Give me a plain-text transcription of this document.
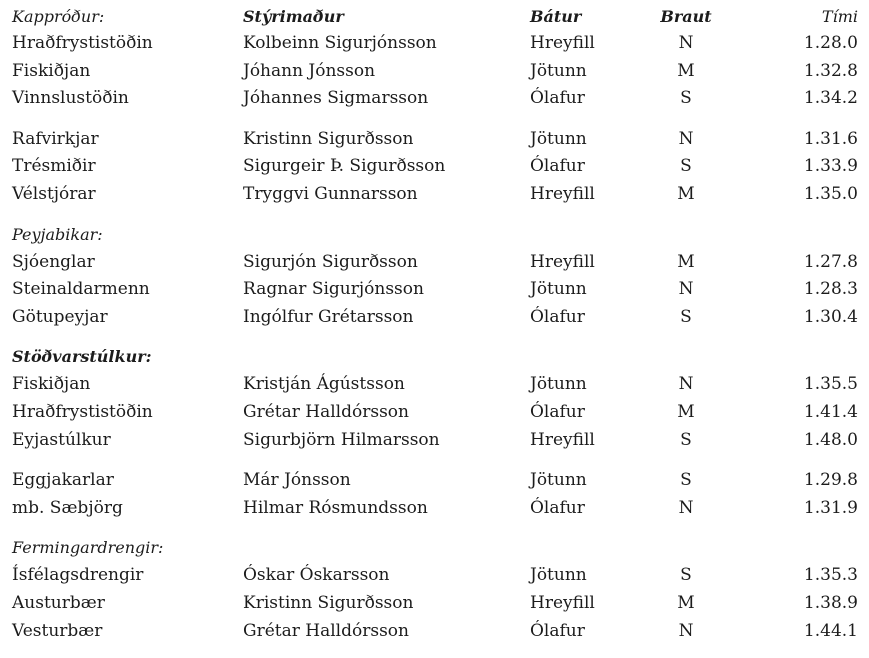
Kappróður:	Stýrimaður	Bátur	Braut	Tími
Hraðfrystistöðin	Kolbeinn Sigurjónsson	Hreyfill	N	1.28.0
Fiskiðjan	Jóhann Jónsson	Jötunn	M	1.32.8
Vinnslustöðin	Jóhannes Sigmarsson	Ólafur	S	1.34.2
Rafvirkjar	Kristinn Sigurðsson	Jötunn	N	1.31.6
Trésmiðir	Sigurgeir Þ. Sigurðsson	Ólafur	S	1.33.9
Vélstjórar	Tryggvi Gunnarsson	Hreyfill	M	1.35.0
Peyjabikar:
Sjóenglar	Sigurjón Sigurðsson	Hreyfill	M	1.27.8
Steinaldarmenn	Ragnar Sigurjónsson	Jötunn	N	1.28.3
Götupeyjar	Ingólfur Grétarsson	Ólafur	S	1.30.4
Stöðvarstúlkur:
Fiskiðjan	Kristján Ágústsson	Jötunn	N	1.35.5
Hraðfrystistöðin	Grétar Halldórsson	Ólafur	M	1.41.4
Eyjastúlkur	Sigurbjörn Hilmarsson	Hreyfill	S	1.48.0
Eggjakarlar	Már Jónsson	Jötunn	S	1.29.8
mb. Sæbjörg	Hilmar Rósmundsson	Ólafur	N	1.31.9
Fermingardrengir:
Ísfélagsdrengir	Óskar Óskarsson	Jötunn	S	1.35.3
Austurbær	Kristinn Sigurðsson	Hreyfill	M	1.38.9
Vesturbær	Grétar Halldórsson	Ólafur	N	1.44.1
